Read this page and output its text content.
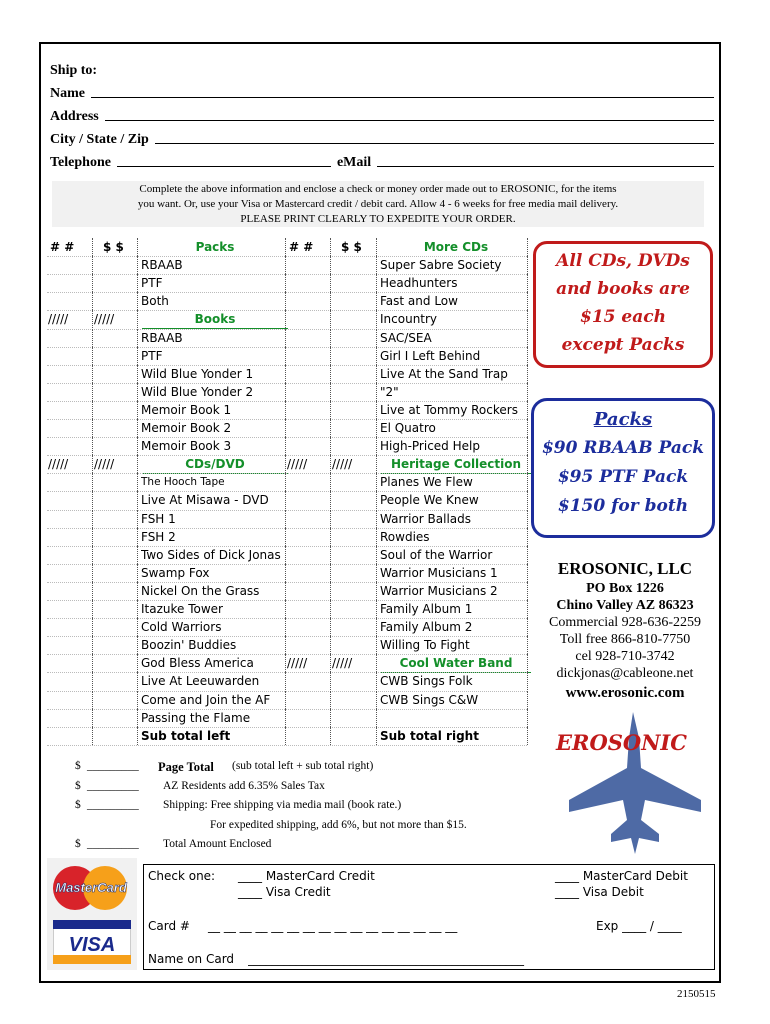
Ship to:
Name
Address
City / State / Zip
Telephone	eMail
Complete the above information and enclose a check or money order made out to EROSONIC, for the items
you want. Or, use your Visa or Mastercard credit / debit card. Allow 4 - 6 weeks for free media mail delivery.
PLEASE PRINT CLEARLY TO EXPEDITE YOUR ORDER.
# #	$ $	Packs	# #	$ $	More CDs
RBAAB	Super Sabre Society
PTF	Headhunters
Both	Fast and Low
/////	/////	Books	Incountry
RBAAB	SAC/SEA
PTF	Girl I Left Behind
Wild Blue Yonder 1	Live At the Sand Trap
Wild Blue Yonder 2	"2"
Memoir Book 1	Live at Tommy Rockers
Memoir Book 2	El Quatro
Memoir Book 3	High-Priced Help
/////	/////	CDs/DVD	/////	/////	Heritage Collection
The Hooch Tape	Planes We Flew
Live At Misawa - DVD	People We Knew
FSH 1	Warrior Ballads
FSH 2	Rowdies
Two Sides of Dick Jonas	Soul of the Warrior
Swamp Fox	Warrior Musicians 1
Nickel On the Grass	Warrior Musicians 2
Itazuke Tower	Family Album 1
Cold Warriors	Family Album 2
Boozin' Buddies	Willing To Fight
God Bless America	/////	/////	Cool Water Band
Live At Leeuwarden	CWB Sings Folk
Come and Join the AF	CWB Sings C&W
Passing the Flame
Sub total left	Sub total right
All CDs, DVDs
and books are
$15 each
except Packs
Packs
$90 RBAAB Pack
$95 PTF Pack
$150 for both
EROSONIC, LLC
PO Box 1226
Chino Valley AZ 86323
Commercial 928-636-2259
Toll free 866-810-7750
cel 928-710-3742
dickjonas@cableone.net
www.erosonic.com
EROSONIC
$ _________ Page Total (sub total left + sub total right)
$ _________ AZ Residents add 6.35% Sales Tax
$ _________ Shipping: Free shipping via media mail (book rate.)
For expedited shipping, add 6%, but not more than $15.
$ _________ Total Amount Enclosed
MasterCard
VISA
Check one: ____ MasterCard Credit
____ Visa Credit
____ MasterCard Debit
____ Visa Debit
Card # __ __ __ __ __ __ __ __ __ __ __ __ __ __ __ __	Exp ____ / ____
Name on Card ______________________________________________
2150515
